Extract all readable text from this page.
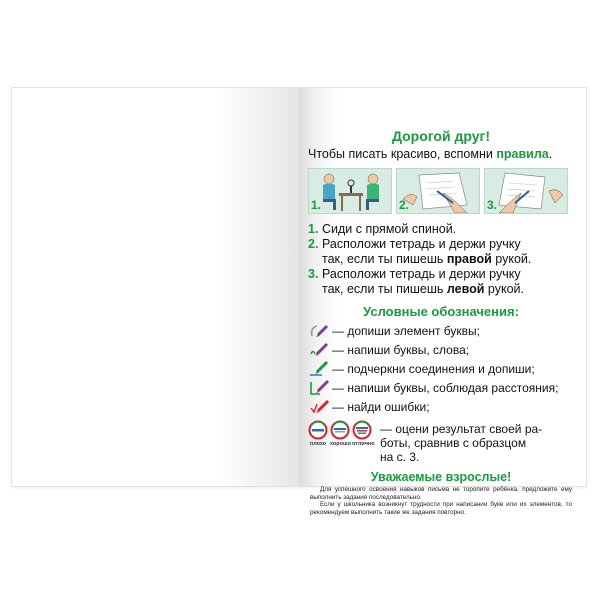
Дорогой друг!
Чтобы писать красиво, вспомни правила.
1.	2.	3.
1. Сиди с прямой спиной.
2. Расположи тетрадь и держи ручку
так, если ты пишешь правой рукой.
3. Расположи тетрадь и держи ручку
так, если ты пишешь левой рукой.
Условные обозначения:
— допиши элемент буквы;
— напиши буквы, слова;
— подчеркни соединения и допиши;
— напиши буквы, соблюдая расстояния;
— найди ошибки;
плохо хорошо отлично
— оцени результат своей ра-
боты, сравнив с образцом
на с. 3.
Уважаемые взрослые!

Для успешного освоения навыков письма не торопите ребёнка, предложите ему выполнить задания последовательно.

Если у школьника возникнут трудности при написании букв или их элементов, то рекомендуем выполнить такие же задания повторно.
